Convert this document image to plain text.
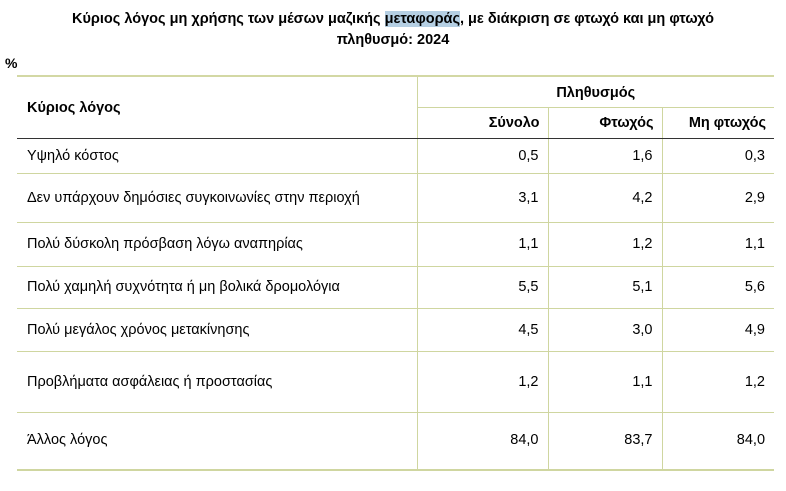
Κύριος λόγος μη χρήσης των μέσων μαζικής μεταφοράς, με διάκριση σε φτωχό και μη φτωχό
πληθυσμό: 2024
%
Κύριος λόγος	Πληθυσμός		
	Σύνολο	Φτωχός	Μη φτωχός
Υψηλό κόστος	0,5	1,6	0,3
Δεν υπάρχουν δημόσιες συγκοινωνίες στην περιοχή	3,1	4,2	2,9
Πολύ δύσκολη πρόσβαση λόγω αναπηρίας	1,1	1,2	1,1
Πολύ χαμηλή συχνότητα ή μη βολικά δρομολόγια	5,5	5,1	5,6
Πολύ μεγάλος χρόνος μετακίνησης	4,5	3,0	4,9
Προβλήματα ασφάλειας ή προστασίας	1,2	1,1	1,2
Άλλος λόγος	84,0	83,7	84,0
